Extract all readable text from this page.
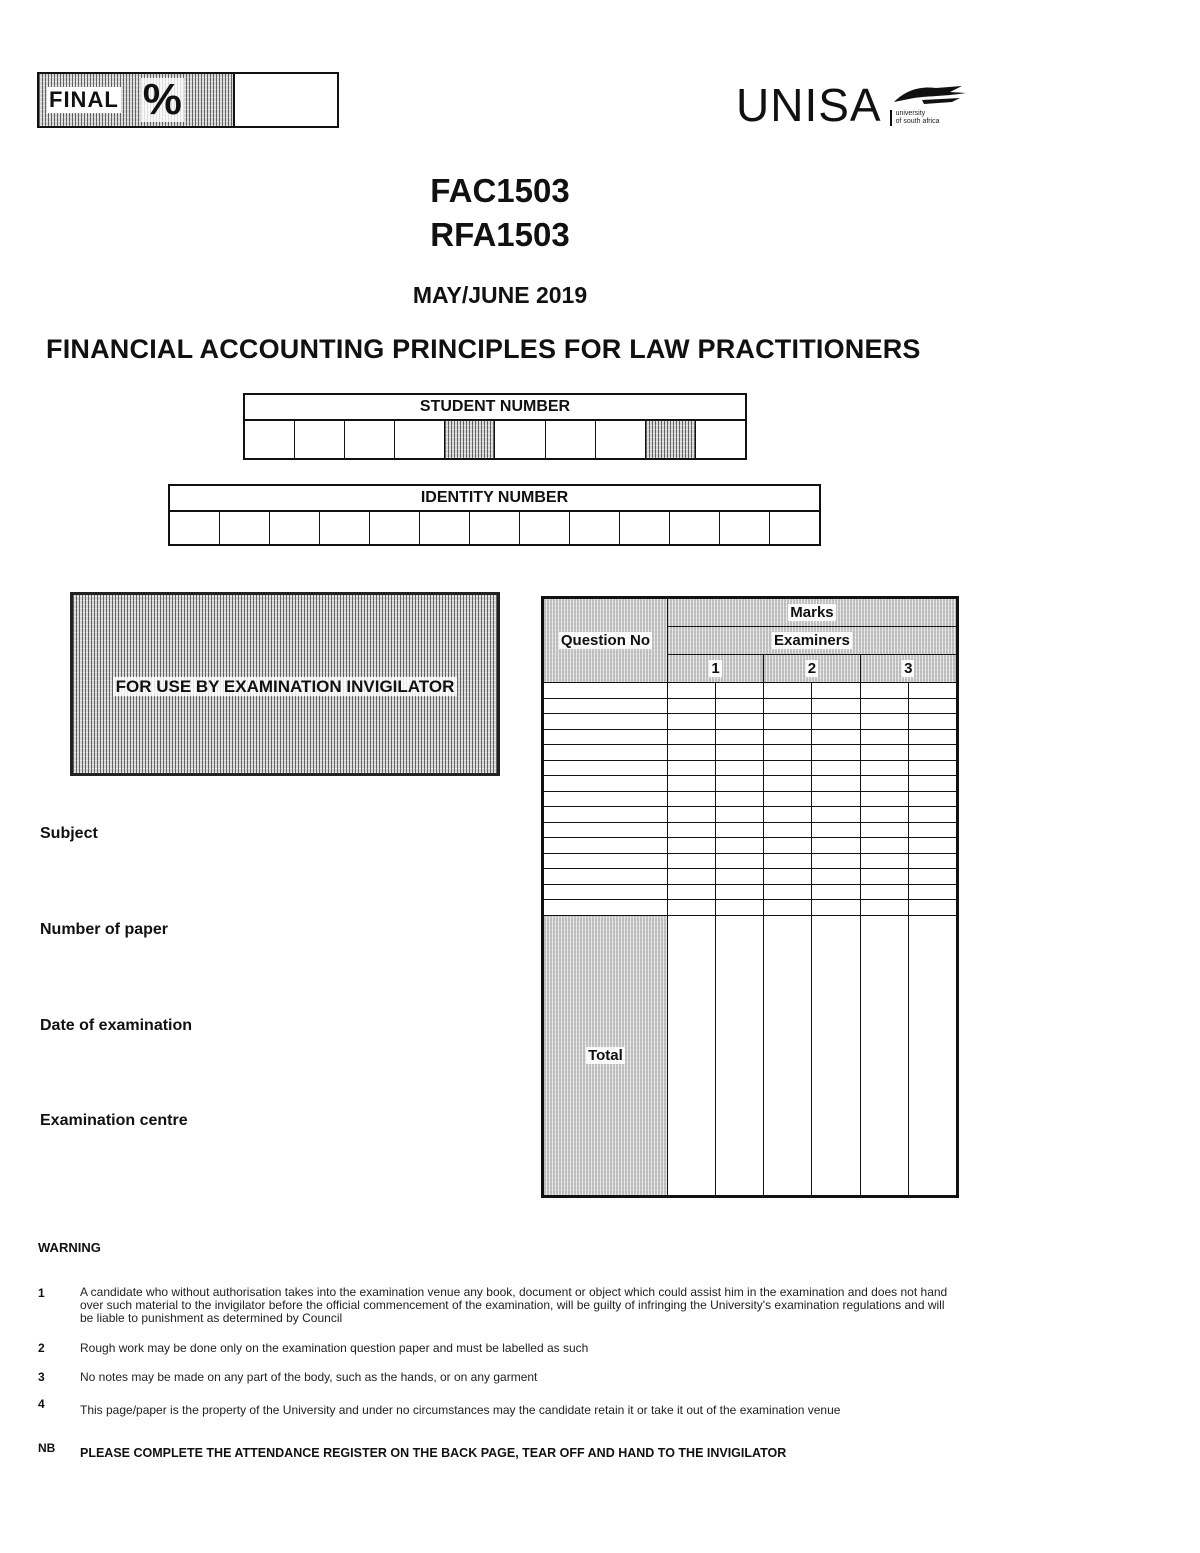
FINAL %	UNISA university
of south africa
FAC1503
RFA1503
MAY/JUNE 2019
FINANCIAL ACCOUNTING PRINCIPLES FOR LAW PRACTITIONERS
STUDENT NUMBER
IDENTITY NUMBER
FOR USE BY EXAMINATION INVIGILATOR
Subject
Number of paper
Date of examination
Examination centre
Question No	Marks					
	Examiners					
	1		2		3	

Total						
WARNING
1	A candidate who without authorisation takes into the examination venue any book, document or object which could assist him in the examination and does not hand over such material to the invigilator before the official commencement of the examination, will be guilty of infringing the University's examination regulations and will be liable to punishment as determined by Council
2	Rough work may be done only on the examination question paper and must be labelled as such
3	No notes may be made on any part of the body, such as the hands, or on any garment
4	This page/paper is the property of the University and under no circumstances may the candidate retain it or take it out of the examination venue
NB PLEASE COMPLETE THE ATTENDANCE REGISTER ON THE BACK PAGE, TEAR OFF AND HAND TO THE INVIGILATOR
